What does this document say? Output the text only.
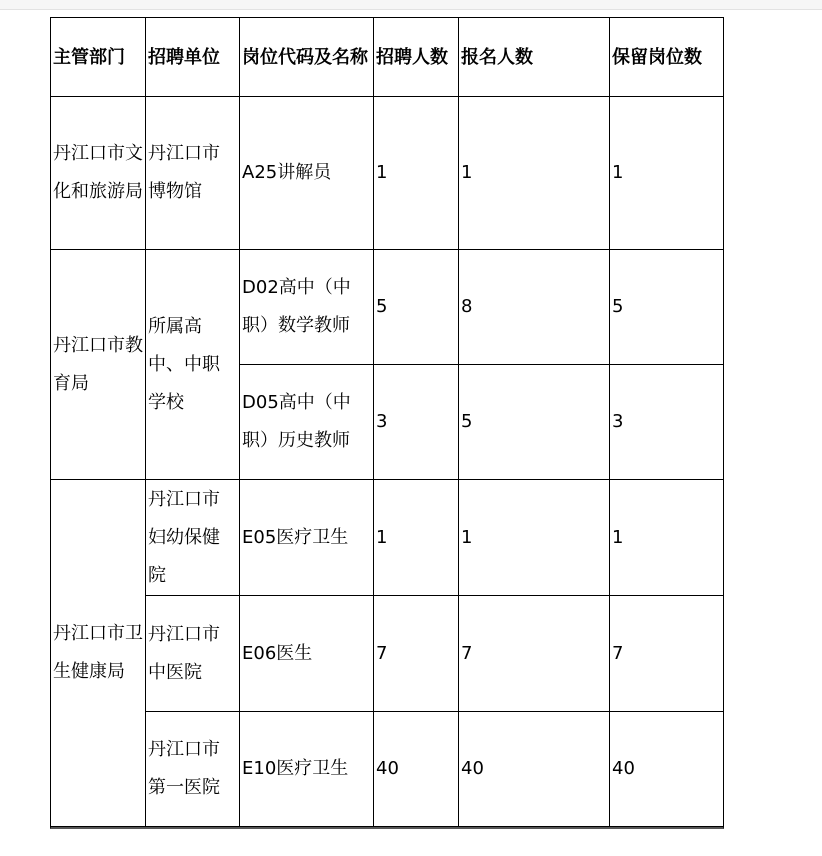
主管部门	招聘单位	岗位代码及名称	招聘人数	报名人数	保留岗位数
丹江口市文化和旅游局	丹江口市博物馆	A25讲解员	1	1	1
丹江口市教育局	所属高中、中职学校	D02高中（中职）数学教师	5	8	5
		D05高中（中职）历史教师	3	5	3
丹江口市卫生健康局	丹江口市妇幼保健院	E05医疗卫生	1	1	1
	丹江口市中医院	E06医生	7	7	7
	丹江口市第一医院	E10医疗卫生	40	40	40
